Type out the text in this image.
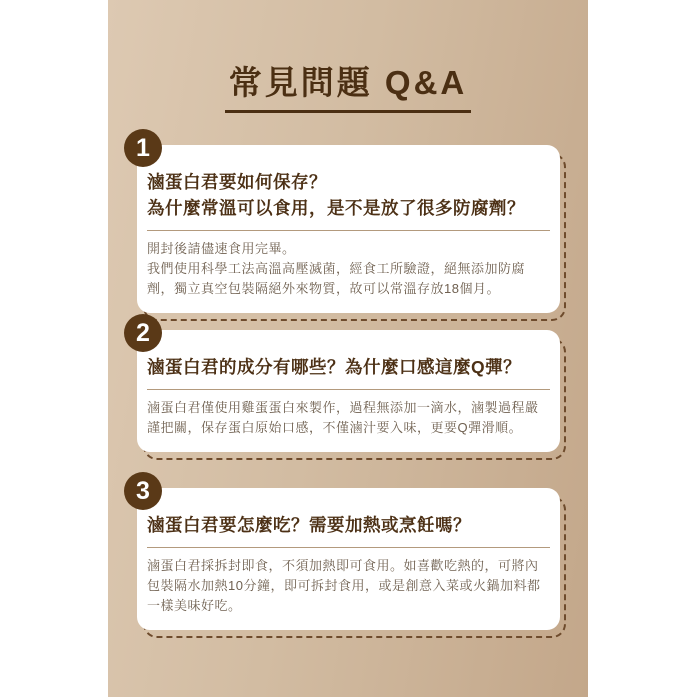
常見問題 Q&A
1
滷蛋白君要如何保存？
為什麼常溫可以食用，是不是放了很多防腐劑？

開封後請儘速食用完畢。

我們使用科學工法高溫高壓滅菌，經食工所驗證，絕無添加防腐劑，獨立真空包裝隔絕外來物質，故可以常溫存放18個月。

2
滷蛋白君的成分有哪些？為什麼口感這麼Q彈？

滷蛋白君僅使用雞蛋蛋白來製作，過程無添加一滴水，滷製過程嚴謹把關，保存蛋白原始口感，不僅滷汁要入味，更要Q彈滑順。

3
滷蛋白君要怎麼吃？需要加熱或烹飪嗎？

滷蛋白君採拆封即食，不須加熱即可食用。如喜歡吃熱的，可將內包裝隔水加熱10分鐘，即可拆封食用，或是創意入菜或火鍋加料都一樣美味好吃。
